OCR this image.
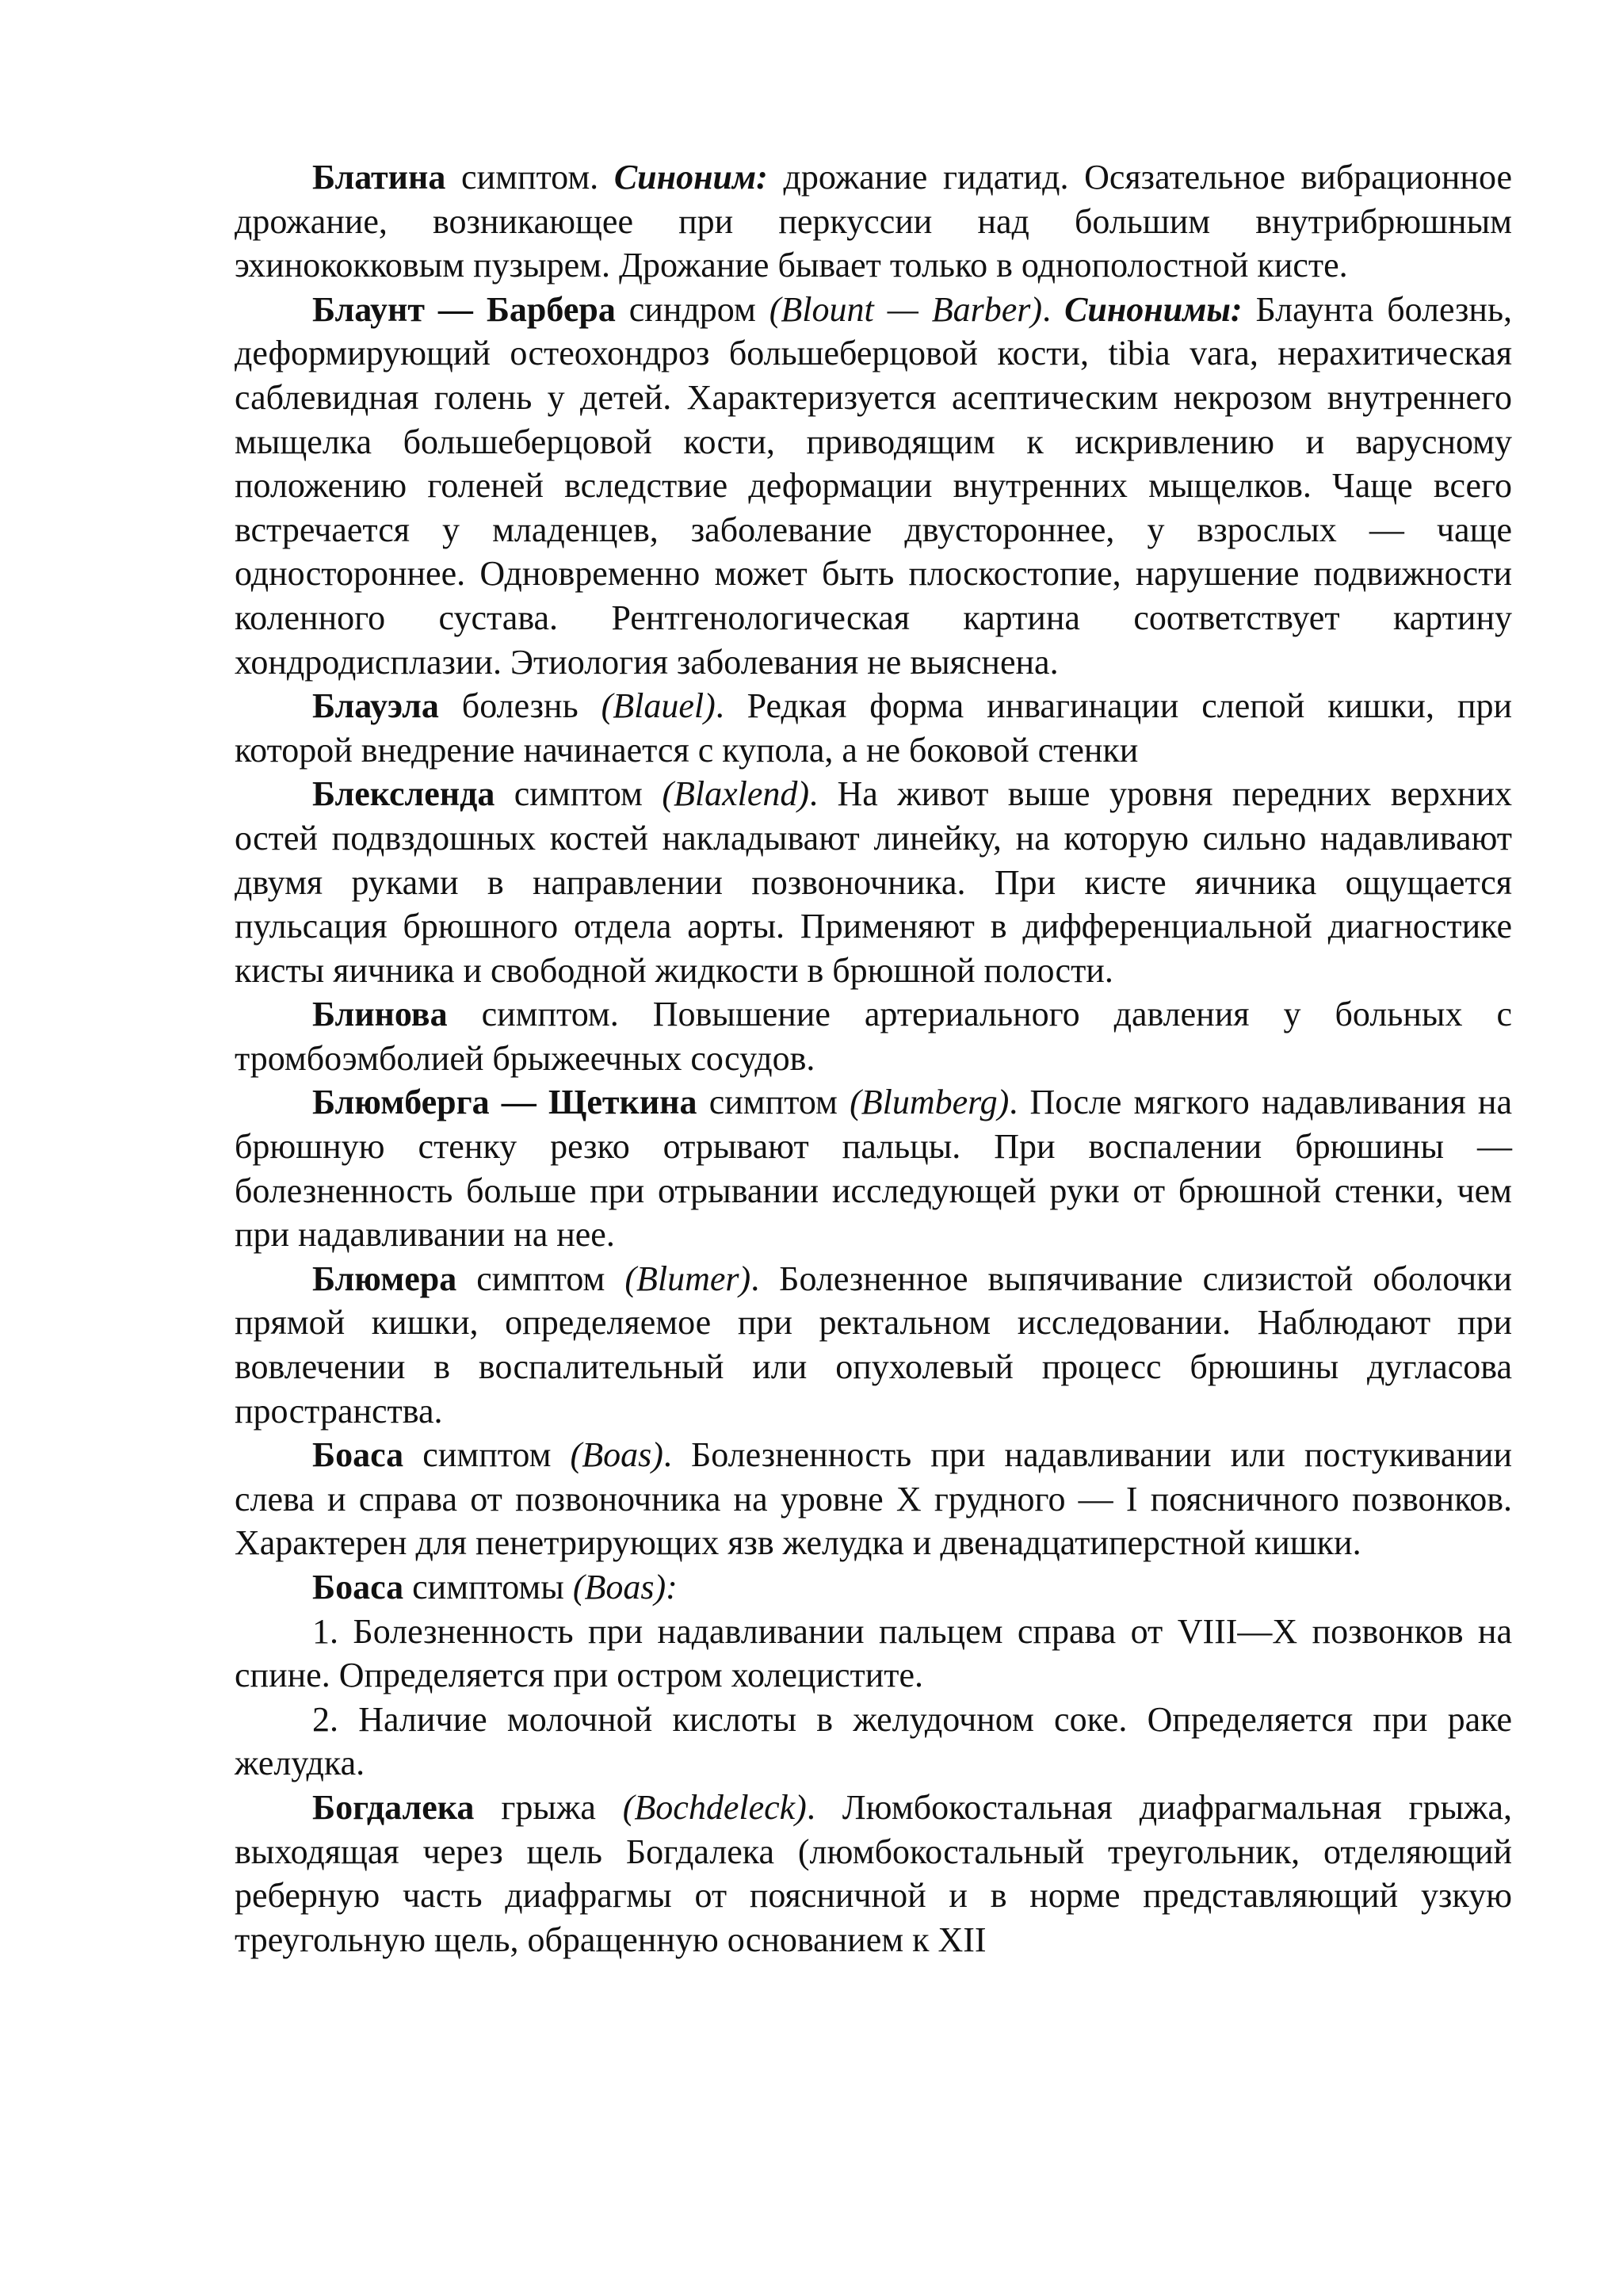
Блатина симптом. Синоним: дрожание гидатид. Осязательное вибрационное дрожание, возникающее при перкуссии над большим внутрибрюшным эхинококковым пузырем. Дрожание бывает только в однополостной кисте.

Блаунт — Барбера синдром (Blount — Barber). Синонимы: Блаунта болезнь, деформирующий остеохондроз большеберцовой кости, tibia vara, нерахитическая саблевидная голень у детей. Характеризуется асептическим некрозом внутреннего мыщелка большеберцовой кости, приводящим к искривлению и варусному положению голеней вследствие деформации внутренних мыщелков. Чаще всего встречается у младенцев, заболевание двустороннее, у взрослых — чаще одностороннее. Одновременно может быть плоскостопие, нарушение подвижности коленного сустава. Рентгенологическая картина соответствует картину хондродисплазии. Этиология заболевания не выяснена.

Блауэла болезнь (Blauel). Редкая форма инвагинации слепой кишки, при которой внедрение начинается с купола, а не боковой стенки

Блексленда симптом (Blaxlend). На живот выше уровня передних верхних остей подвздошных костей накладывают линейку, на которую сильно надавливают двумя руками в направлении позвоночника. При кисте яичника ощущается пульсация брюшного отдела аорты. Применяют в дифференциальной диагностике кисты яичника и свободной жидкости в брюшной полости.

Блинова симптом. Повышение артериального давления у больных с тромбоэмболией брыжеечных сосудов.

Блюмберга — Щеткина симптом (Blumberg). После мягкого надавливания на брюшную стенку резко отрывают пальцы. При воспалении брюшины — болезненность больше при отрывании исследующей руки от брюшной стенки, чем при надавливании на нее.

Блюмера симптом (Blumer). Болезненное выпячивание слизистой оболочки прямой кишки, определяемое при ректальном исследовании. Наблюдают при вовлечении в воспалительный или опухолевый процесс брюшины дугласова пространства.

Боаса симптом (Boas). Болезненность при надавливании или постукивании слева и справа от позвоночника на уровне X грудного — I поясничного позвонков. Характерен для пенетрирующих язв желудка и двенадцатиперстной кишки.

Боаса симптомы (Boas):

1. Болезненность при надавливании пальцем справа от VIII—X позвонков на спине. Определяется при остром холецистите.

2. Наличие молочной кислоты в желудочном соке. Определяется при раке желудка.

Богдалека грыжа (Bochdeleck). Люмбокостальная диафрагмальная грыжа, выходящая через щель Богдалека (люмбокостальный треугольник, отделяющий реберную часть диафрагмы от поясничной и в норме представляющий узкую треугольную щель, обращенную основанием к XII
